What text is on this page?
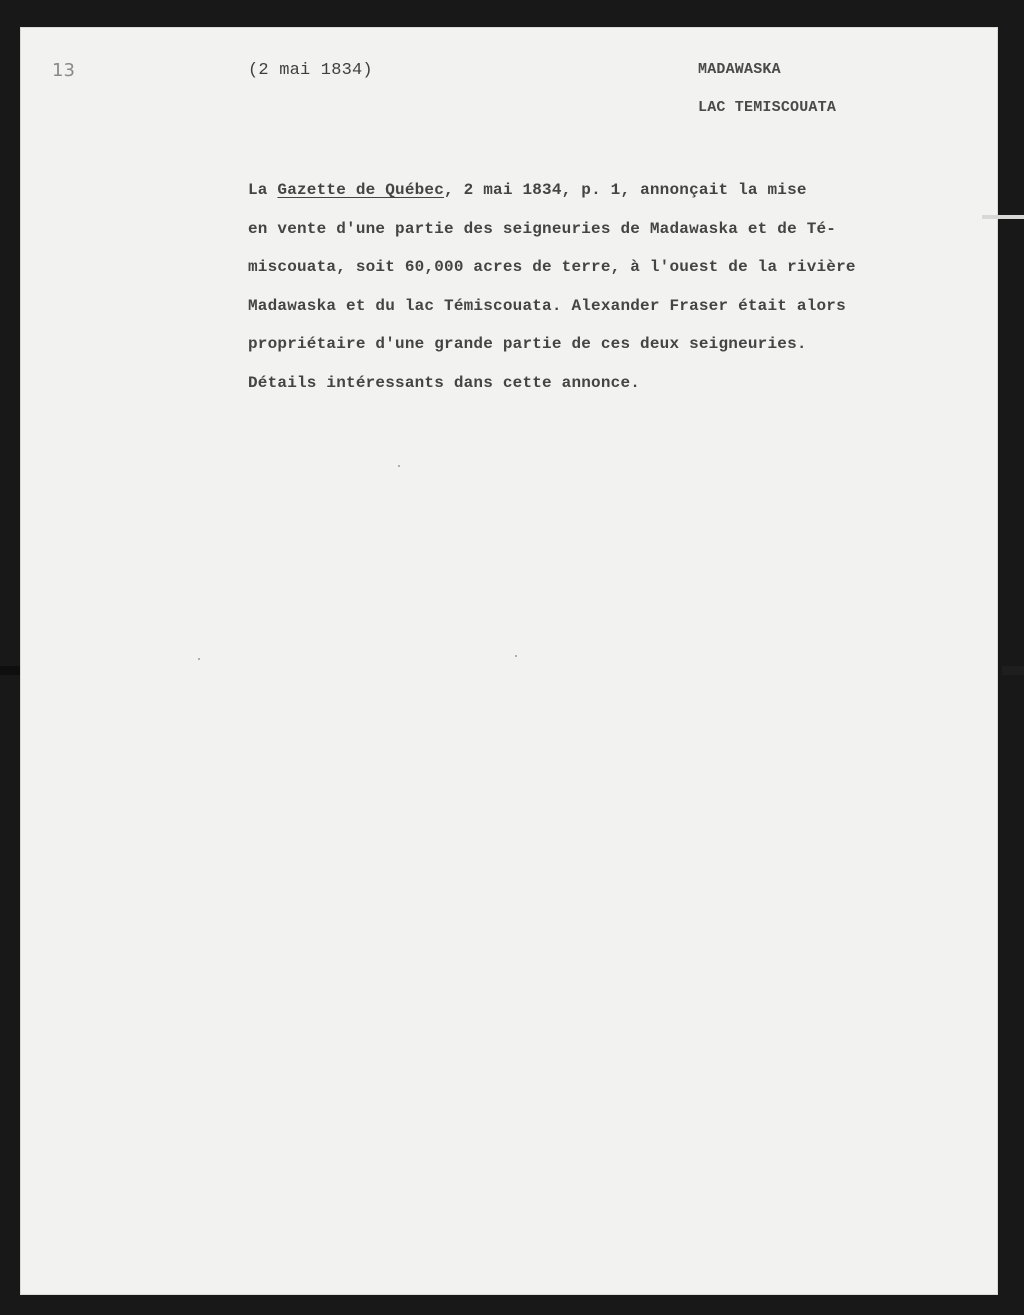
13	(2 mai 1834)	MADAWASKA
LAC TEMISCOUATA
La Gazette de Québec, 2 mai 1834, p. 1, annonçait la mise
en vente d'une partie des seigneuries de Madawaska et de Té-
miscouata, soit 60,000 acres de terre, à l'ouest de la rivière
Madawaska et du lac Témiscouata. Alexander Fraser était alors
propriétaire d'une grande partie de ces deux seigneuries.
Détails intéressants dans cette annonce.
